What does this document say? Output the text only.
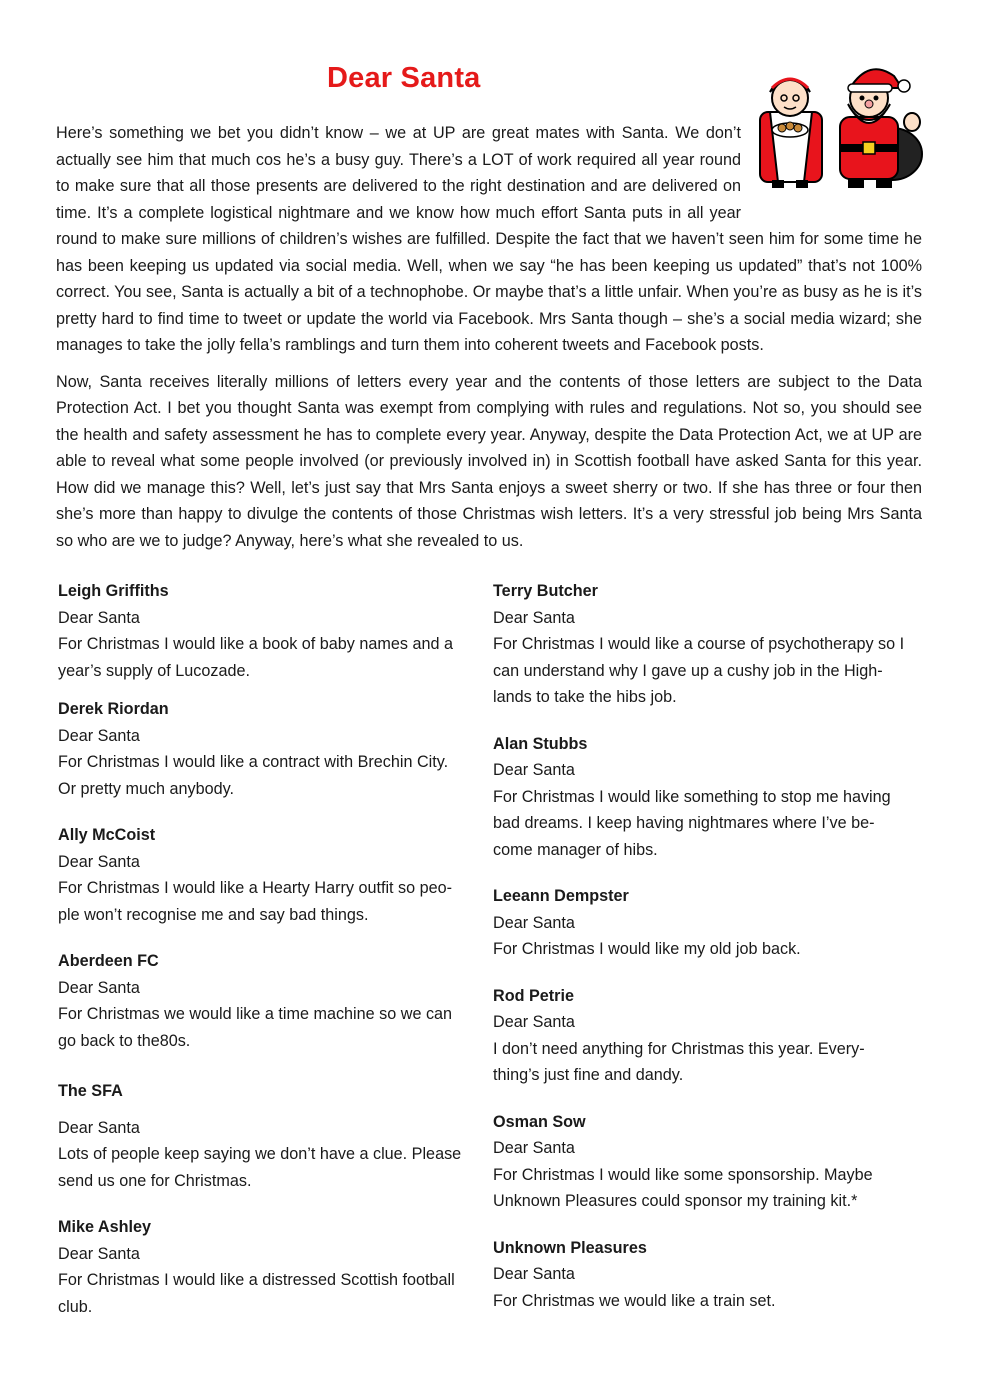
Dear Santa

Here’s something we bet you didn’t know – we at UP are great mates with Santa. We don’t actually see him that much cos he’s a busy guy. There’s a LOT of work required all year round to make sure that all those presents are delivered to the right destination and are delivered on time. It’s a complete logistical nightmare and we know how much effort Santa puts in all year round to make sure millions of children’s wishes are fulfilled. Despite the fact that we haven’t seen him for some time he has been keeping us updated via social media. Well, when we say “he has been keeping us updated” that’s not 100% correct. You see, Santa is actually a bit of a technophobe. Or maybe that’s a little unfair. When you’re as busy as he is it’s pretty hard to find time to tweet or update the world via Facebook. Mrs Santa though – she’s a social media wizard; she manages to take the jolly fella’s ramblings and turn them into coherent tweets and Facebook posts.

Now, Santa receives literally millions of letters every year and the contents of those letters are subject to the Data Protection Act. I bet you thought Santa was exempt from complying with rules and regulations. Not so, you should see the health and safety assessment he has to complete every year. Anyway, despite the Data Protection Act, we at UP are able to reveal what some people involved (or previously involved in) in Scottish football have asked Santa for this year. How did we manage this? Well, let’s just say that Mrs Santa enjoys a sweet sherry or two. If she has three or four then she’s more than happy to divulge the contents of those Christmas wish letters. It’s a very stressful job being Mrs Santa so who are we to judge? Anyway, here’s what she revealed to us.

Leigh Griffiths
Dear Santa
For Christmas I would like a book of baby names and a year’s supply of Lucozade.
Derek Riordan
Dear Santa
For Christmas I would like a contract with Brechin City. Or pretty much anybody.
Ally McCoist
Dear Santa
For Christmas I would like a Hearty Harry outfit so peo-ple won’t recognise me and say bad things.
Aberdeen FC
Dear Santa
For Christmas we would like a time machine so we can go back to the80s.
The SFA
Dear Santa
Lots of people keep saying we don’t have a clue. Please send us one for Christmas.
Mike Ashley
Dear Santa
For Christmas I would like a distressed Scottish football club.
Terry Butcher
Dear Santa
For Christmas I would like a course of psychotherapy so I can understand why I gave up a cushy job in the High-lands to take the hibs job.
Alan Stubbs
Dear Santa
For Christmas I would like something to stop me having bad dreams. I keep having nightmares where I’ve be-come manager of hibs.
Leeann Dempster
Dear Santa
For Christmas I would like my old job back.
Rod Petrie
Dear Santa
I don’t need anything for Christmas this year. Every-thing’s just fine and dandy.
Osman Sow
Dear Santa
For Christmas I would like some sponsorship. Maybe Unknown Pleasures could sponsor my training kit.*
Unknown Pleasures
Dear Santa
For Christmas we would like a train set.
